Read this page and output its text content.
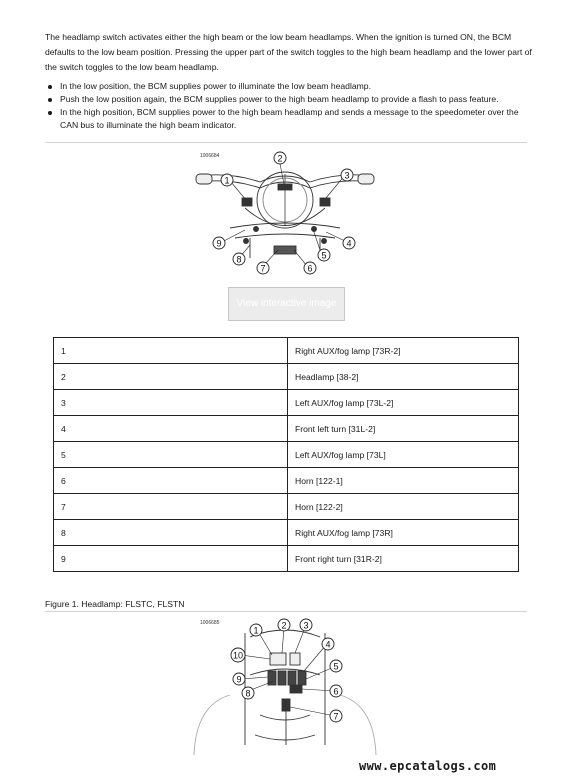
The headlamp switch activates either the high beam or the low beam headlamps. When the ignition is turned ON, the BCM defaults to the low beam position. Pressing the upper part of the switch toggles to the high beam headlamp and the lower part of the switch toggles to the low beam headlamp.

In the low position, the BCM supplies power to illuminate the low beam headlamp.
Push the low position again, the BCM supplies power to the high beam headlamp to provide a flash to pass feature.
In the high position, BCM supplies power to the high beam headlamp and sends a message to the speedometer over the CAN bus to illuminate the high beam indicator.
1006684
1
2
3
4
5
6
7
8
9
View interactive image
1	Right AUX/fog lamp [73R-2]
2	Headlamp [38-2]
3	Left AUX/fog lamp [73L-2]
4	Front left turn [31L-2]
5	Left AUX/fog lamp [73L]
6	Horn [122-1]
7	Horn [122-2]
8	Right AUX/fog lamp [73R]
9	Front right turn [31R-2]
Figure 1. Headlamp: FLSTC, FLSTN
1006685
1	2 3
4
5
6
7
8
9
10
www.epcatalogs.com
